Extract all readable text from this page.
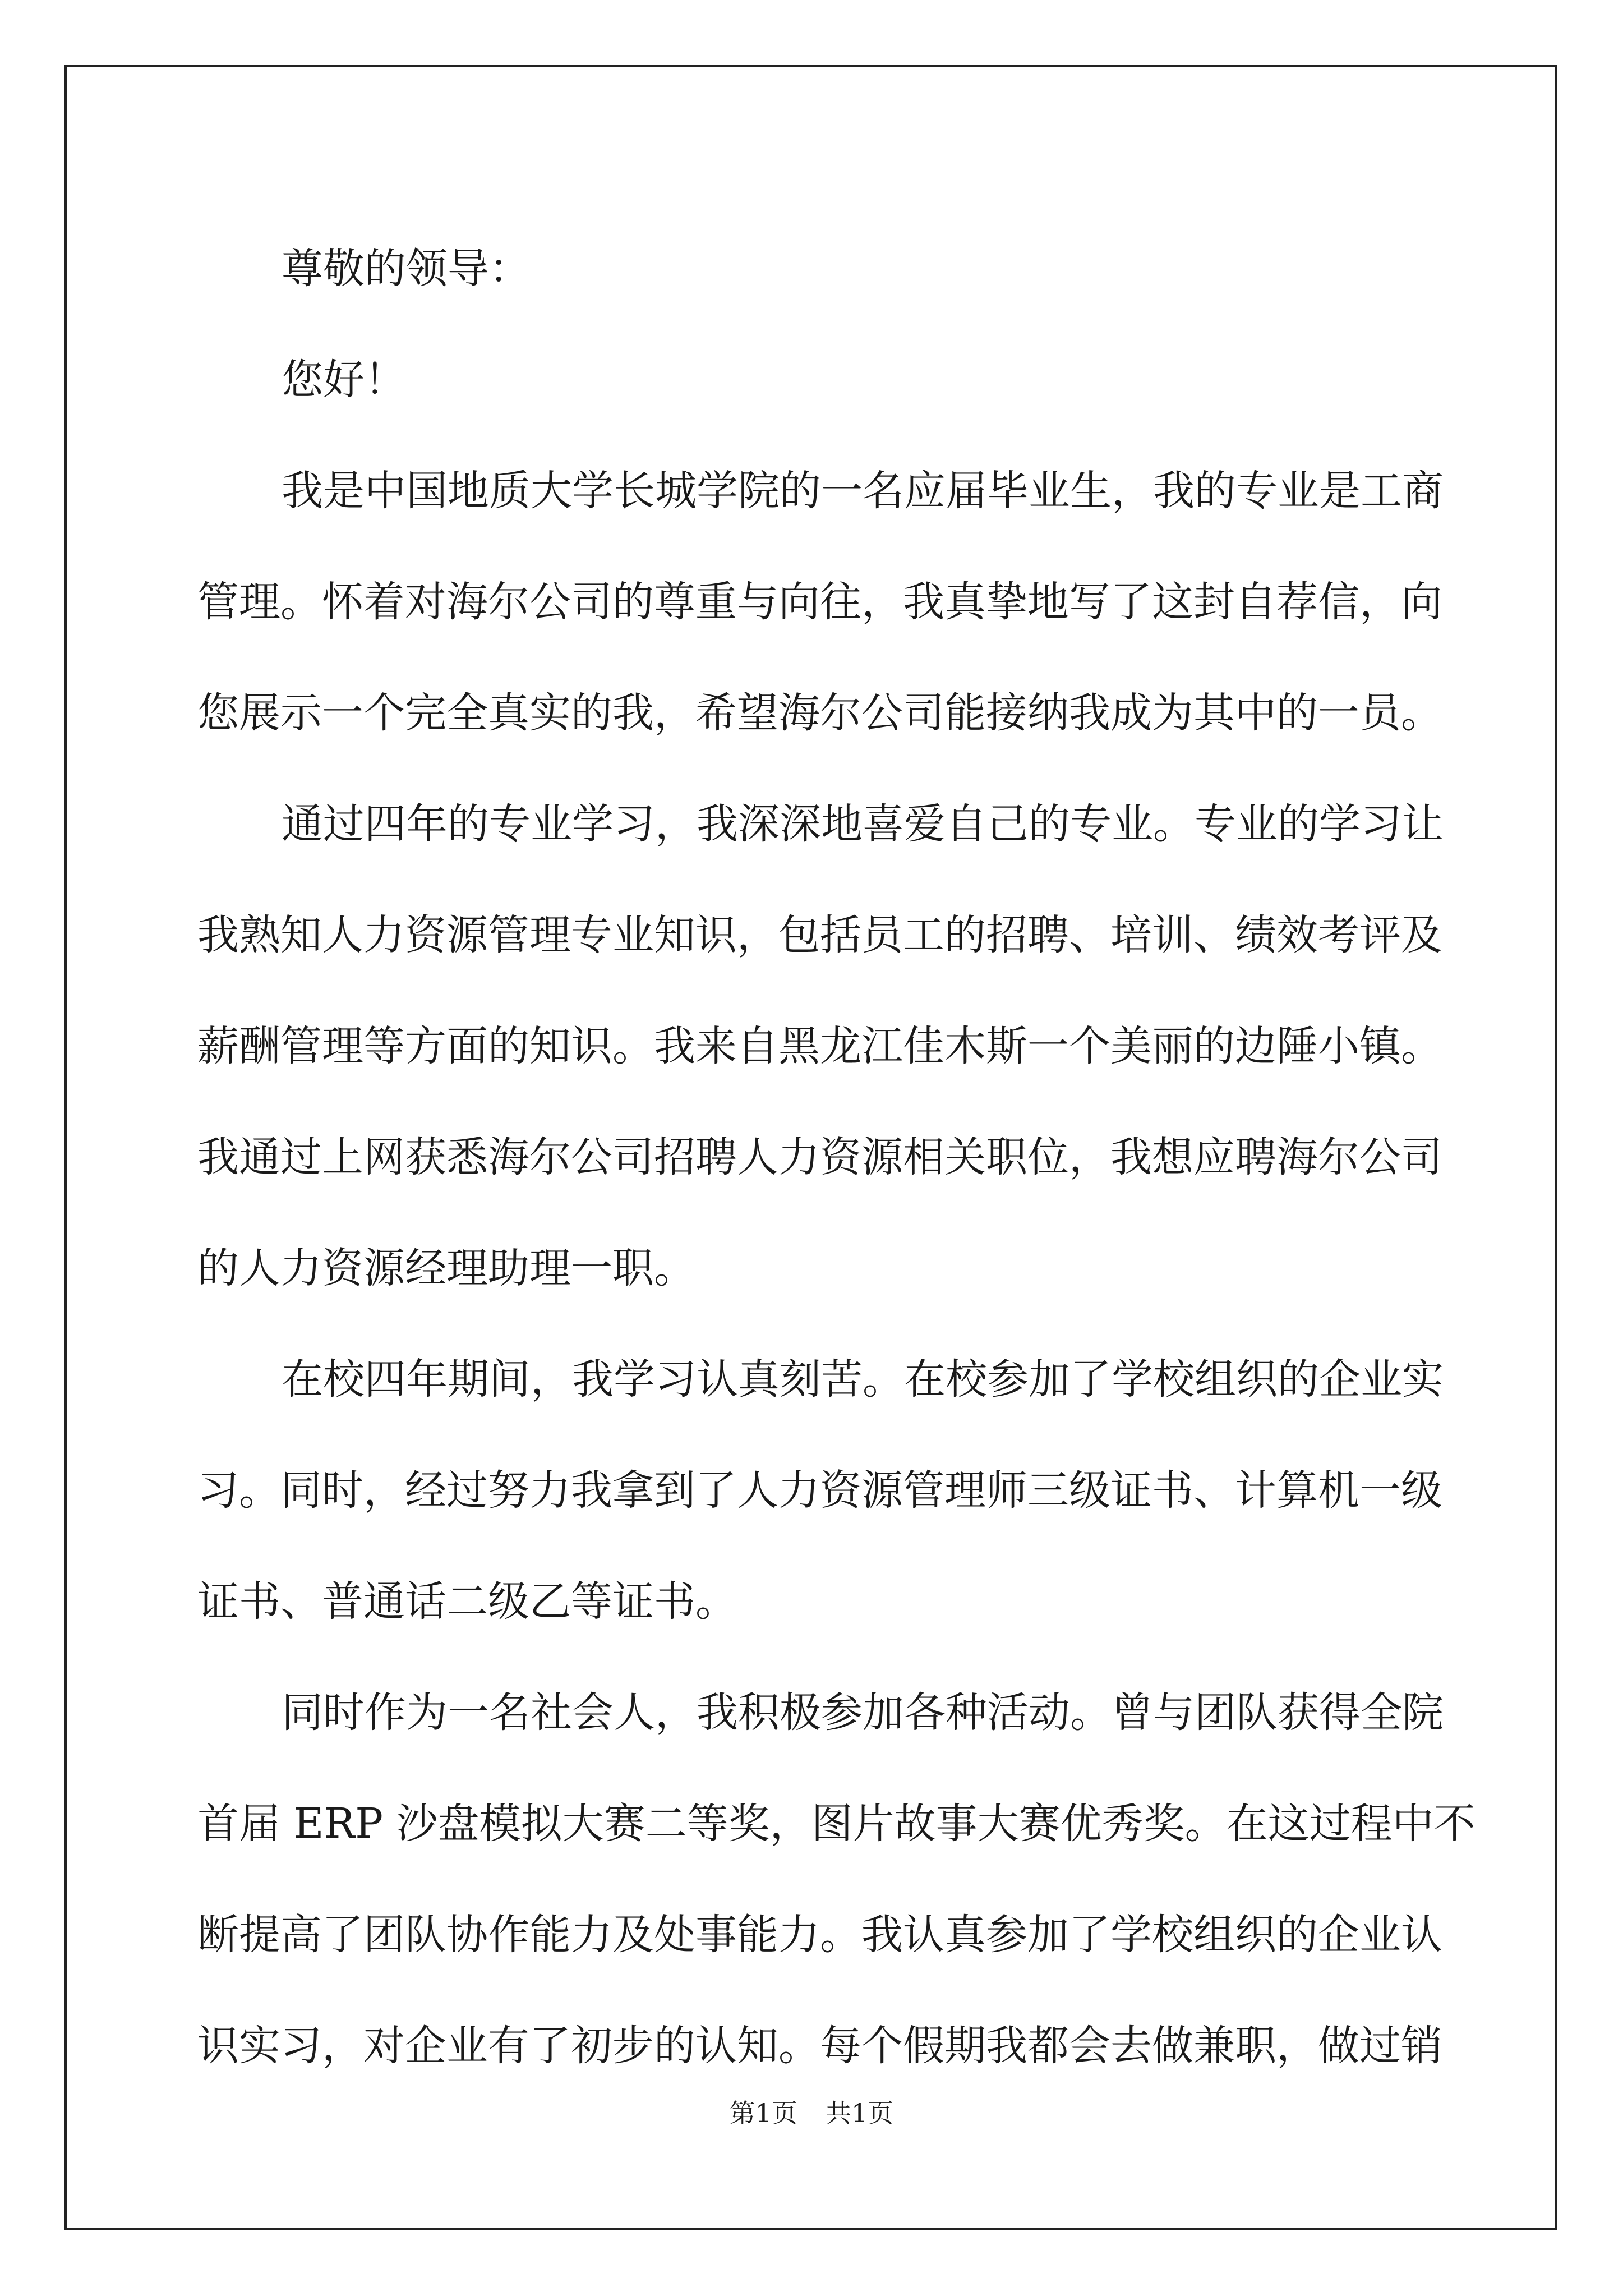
尊敬的领导：
您好！
我是中国地质大学长城学院的一名应届毕业生，我的专业是工商
管理。怀着对海尔公司的尊重与向往，我真挚地写了这封自荐信，向
您展示一个完全真实的我，希望海尔公司能接纳我成为其中的一员。
通过四年的专业学习，我深深地喜爱自己的专业。专业的学习让
我熟知人力资源管理专业知识，包括员工的招聘、培训、绩效考评及
薪酬管理等方面的知识。我来自黑龙江佳木斯一个美丽的边陲小镇。
我通过上网获悉海尔公司招聘人力资源相关职位，我想应聘海尔公司
的人力资源经理助理一职。
在校四年期间，我学习认真刻苦。在校参加了学校组织的企业实
习。同时，经过努力我拿到了人力资源管理师三级证书、计算机一级
证书、普通话二级乙等证书。
同时作为一名社会人，我积极参加各种活动。曾与团队获得全院
首届 ERP 沙盘模拟大赛二等奖，图片故事大赛优秀奖。在这过程中不
断提高了团队协作能力及处事能力。我认真参加了学校组织的企业认
识实习，对企业有了初步的认知。每个假期我都会去做兼职，做过销
第1页 共1页
